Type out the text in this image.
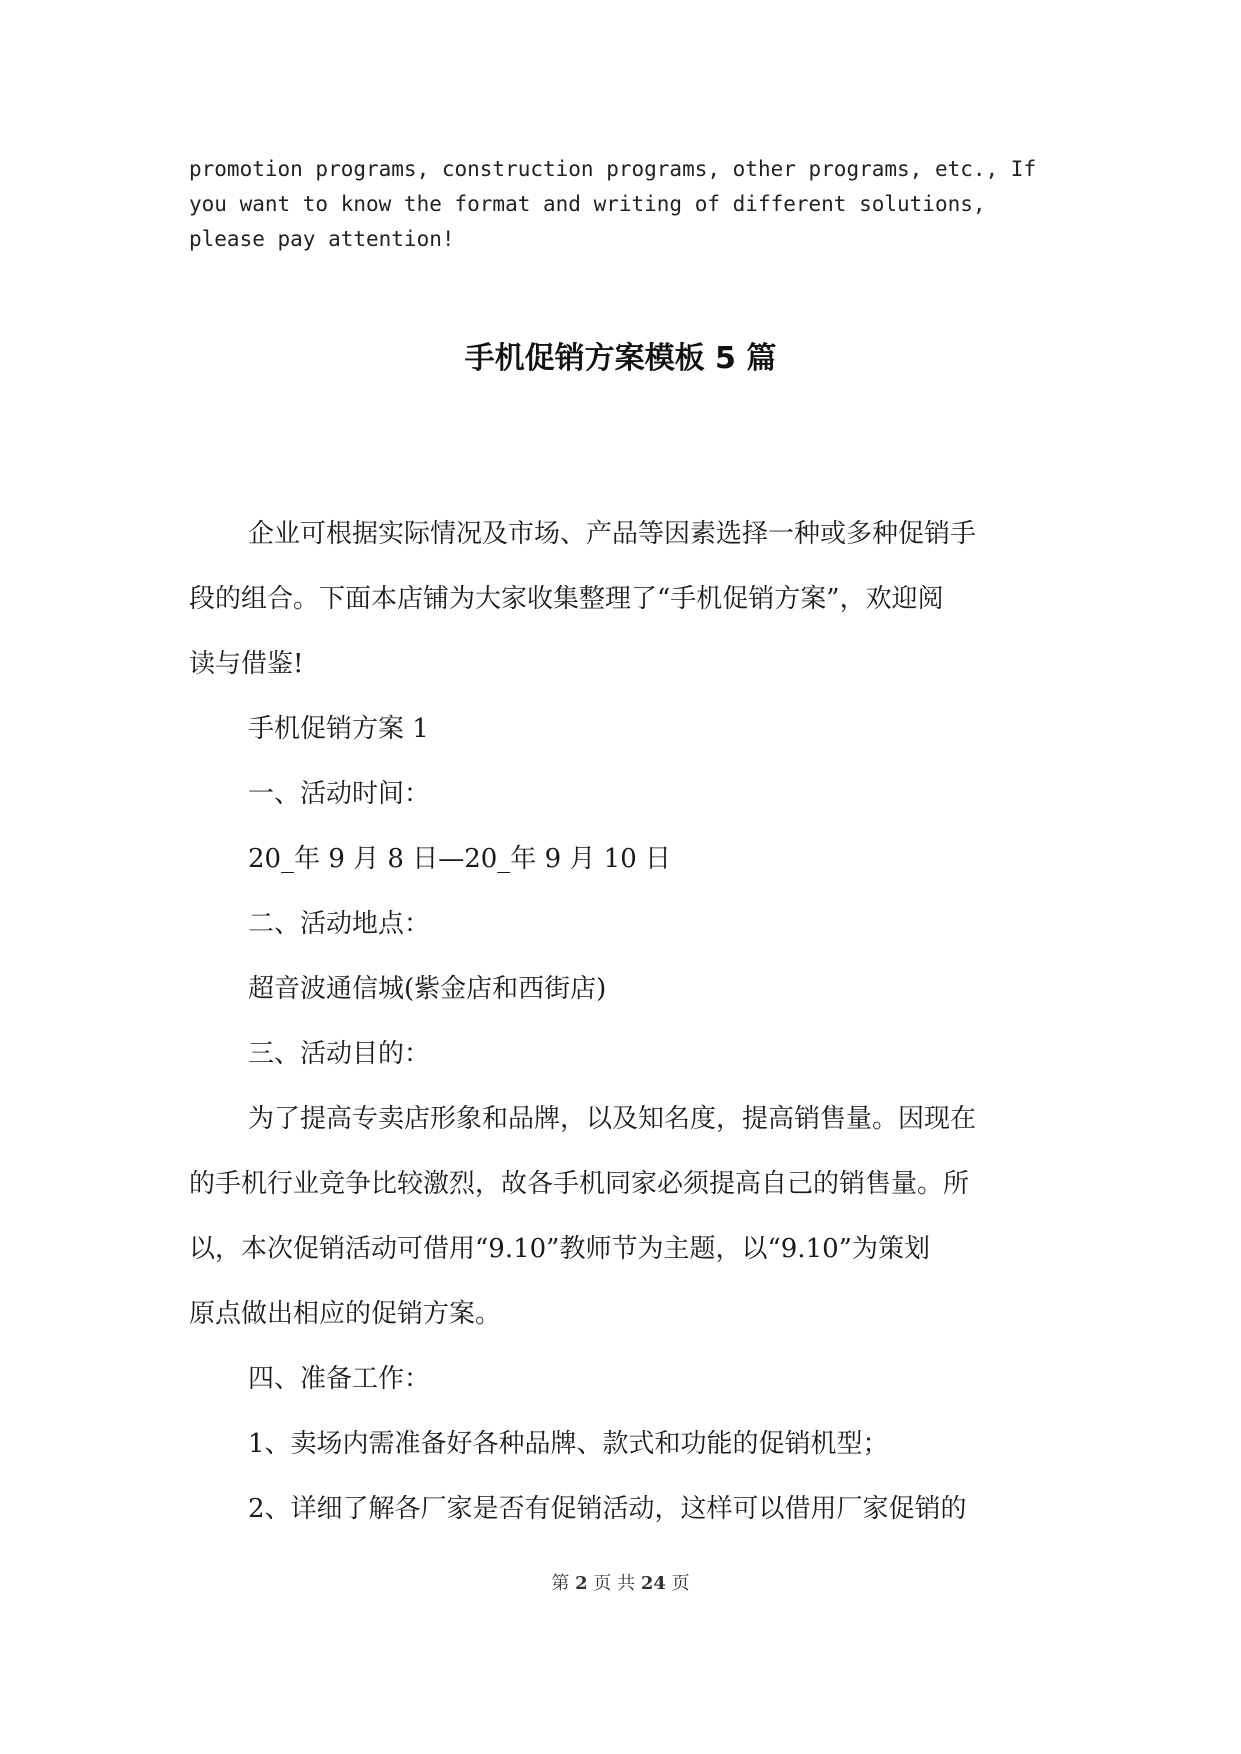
promotion programs, construction programs, other programs, etc., If

you want to know the format and writing of different solutions,

please pay attention!

手机促销方案模板 5 篇

企业可根据实际情况及市场、产品等因素选择一种或多种促销手

段的组合。下面本店铺为大家收集整理了“手机促销方案”，欢迎阅

读与借鉴!

手机促销方案 1

一、活动时间：

20_年 9 月 8 日—20_年 9 月 10 日

二、活动地点：

超音波通信城(紫金店和西街店)

三、活动目的：

为了提高专卖店形象和品牌，以及知名度，提高销售量。因现在

的手机行业竞争比较激烈，故各手机同家必须提高自己的销售量。所

以，本次促销活动可借用“9.10”教师节为主题，以“9.10”为策划

原点做出相应的促销方案。

四、准备工作：

1、卖场内需准备好各种品牌、款式和功能的促销机型；

2、详细了解各厂家是否有促销活动，这样可以借用厂家促销的

第 2 页 共 24 页
